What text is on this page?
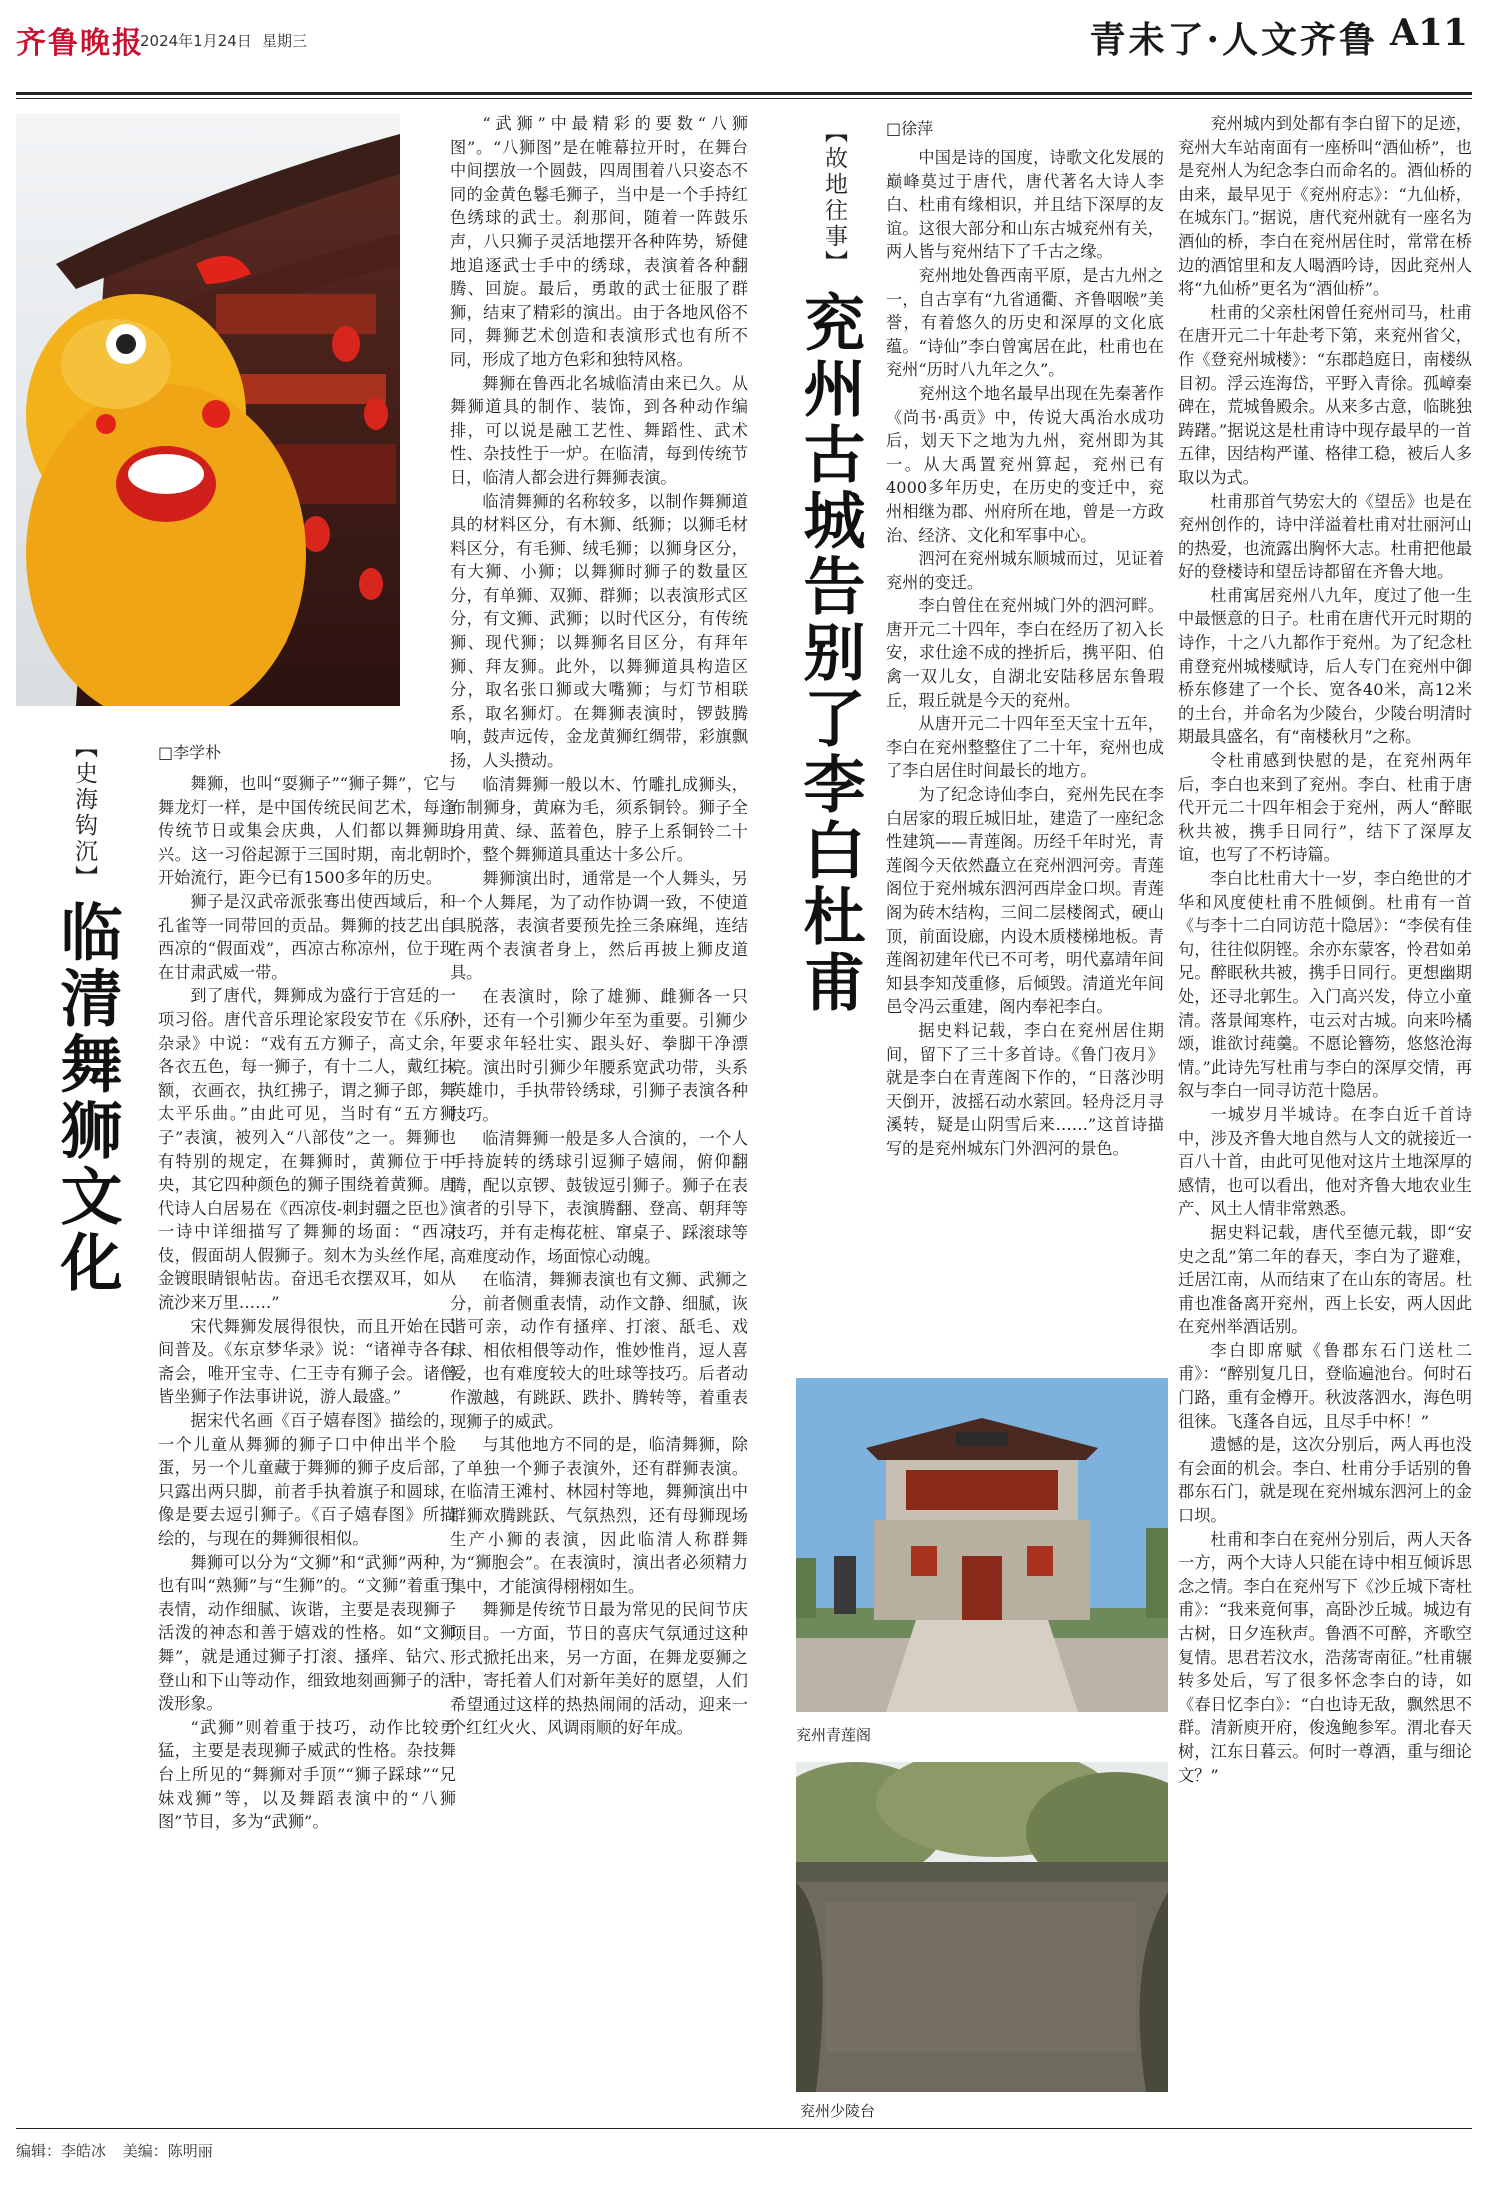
齐鲁晚报
2024年1月24日 星期三	青未了·人文齐鲁 A11
【史海钩沉】
临清舞狮文化
□李学朴

舞狮，也叫“耍狮子”“狮子舞”，它与舞龙灯一样，是中国传统民间艺术，每逢传统节日或集会庆典，人们都以舞狮助兴。这一习俗起源于三国时期，南北朝时开始流行，距今已有1500多年的历史。

狮子是汉武帝派张骞出使西域后，和孔雀等一同带回的贡品。舞狮的技艺出自西凉的“假面戏”，西凉古称凉州，位于现在甘肃武威一带。

到了唐代，舞狮成为盛行于宫廷的一项习俗。唐代音乐理论家段安节在《乐府杂录》中说：“戏有五方狮子，高丈余，各衣五色，每一狮子，有十二人，戴红抹额，衣画衣，执红拂子，谓之狮子郎，舞太平乐曲。”由此可见，当时有“五方狮子”表演，被列入“八部伎”之一。舞狮也有特别的规定，在舞狮时，黄狮位于中央，其它四种颜色的狮子围绕着黄狮。唐代诗人白居易在《西凉伎-刺封疆之臣也》一诗中详细描写了舞狮的场面：“西凉伎，假面胡人假狮子。刻木为头丝作尾，金镀眼睛银帖齿。奋迅毛衣摆双耳，如从流沙来万里……”

宋代舞狮发展得很快，而且开始在民间普及。《东京梦华录》说：“诸禅寺各有斋会，唯开宝寺、仁王寺有狮子会。诸僧皆坐狮子作法事讲说，游人最盛。”

据宋代名画《百子嬉春图》描绘的，一个儿童从舞狮的狮子口中伸出半个脸蛋，另一个儿童藏于舞狮的狮子皮后部，只露出两只脚，前者手执着旗子和圆球，像是要去逗引狮子。《百子嬉春图》所描绘的，与现在的舞狮很相似。

舞狮可以分为“文狮”和“武狮”两种，也有叫“熟狮”与“生狮”的。“文狮”着重于表情，动作细腻、诙谐，主要是表现狮子活泼的神态和善于嬉戏的性格。如“文狮舞”，就是通过狮子打滚、搔痒、钻穴、登山和下山等动作，细致地刻画狮子的活泼形象。

“武狮”则着重于技巧，动作比较勇猛，主要是表现狮子威武的性格。杂技舞台上所见的“舞狮对手顶”“狮子踩球”“兄妹戏狮”等，以及舞蹈表演中的“八狮图”节目，多为“武狮”。

“武狮”中最精彩的要数“八狮图”。“八狮图”是在帷幕拉开时，在舞台中间摆放一个圆鼓，四周围着八只姿态不同的金黄色鬈毛狮子，当中是一个手持红色绣球的武士。刹那间，随着一阵鼓乐声，八只狮子灵活地摆开各种阵势，矫健地追逐武士手中的绣球，表演着各种翻腾、回旋。最后，勇敢的武士征服了群狮，结束了精彩的演出。由于各地风俗不同，舞狮艺术创造和表演形式也有所不同，形成了地方色彩和独特风格。

舞狮在鲁西北名城临清由来已久。从舞狮道具的制作、装饰，到各种动作编排，可以说是融工艺性、舞蹈性、武术性、杂技性于一炉。在临清，每到传统节日，临清人都会进行舞狮表演。

临清舞狮的名称较多，以制作舞狮道具的材料区分，有木狮、纸狮；以狮毛材料区分，有毛狮、绒毛狮；以狮身区分，有大狮、小狮；以舞狮时狮子的数量区分，有单狮、双狮、群狮；以表演形式区分，有文狮、武狮；以时代区分，有传统狮、现代狮；以舞狮名目区分，有拜年狮、拜友狮。此外，以舞狮道具构造区分，取名张口狮或大嘴狮；与灯节相联系，取名狮灯。在舞狮表演时，锣鼓腾响，鼓声远传，金龙黄狮红绸带，彩旗飘扬，人头攒动。

临清舞狮一般以木、竹雕扎成狮头，布制狮身，黄麻为毛，须系铜铃。狮子全身用黄、绿、蓝着色，脖子上系铜铃二十个，整个舞狮道具重达十多公斤。

舞狮演出时，通常是一个人舞头，另一个人舞尾，为了动作协调一致，不使道具脱落，表演者要预先拴三条麻绳，连结在两个表演者身上，然后再披上狮皮道具。

在表演时，除了雄狮、雌狮各一只外，还有一个引狮少年至为重要。引狮少年要求年轻壮实、跟头好、拳脚干净漂亮。演出时引狮少年腰系宽武功带，头系英雄巾，手执带铃绣球，引狮子表演各种技巧。

临清舞狮一般是多人合演的，一个人手持旋转的绣球引逗狮子嬉闹，俯仰翻腾，配以京锣、鼓钹逗引狮子。狮子在表演者的引导下，表演腾翻、登高、朝拜等技巧，并有走梅花桩、窜桌子、踩滚球等高难度动作，场面惊心动魄。

在临清，舞狮表演也有文狮、武狮之分，前者侧重表情，动作文静、细腻，诙谐可亲，动作有搔痒、打滚、舐毛、戏球、相依相偎等动作，惟妙惟肖，逗人喜爱，也有难度较大的吐球等技巧。后者动作激越，有跳跃、跌扑、腾转等，着重表现狮子的威武。

与其他地方不同的是，临清舞狮，除了单独一个狮子表演外，还有群狮表演。在临清王滩村、林园村等地，舞狮演出中群狮欢腾跳跃、气氛热烈，还有母狮现场生产小狮的表演，因此临清人称群舞为“狮胞会”。在表演时，演出者必须精力集中，才能演得栩栩如生。

舞狮是传统节日最为常见的民间节庆项目。一方面，节日的喜庆气氛通过这种形式掀托出来，另一方面，在舞龙耍狮之中，寄托着人们对新年美好的愿望，人们希望通过这样的热热闹闹的活动，迎来一个红红火火、风调雨顺的好年成。

【故地往事】
兖州古城告别了李白杜甫
□徐萍

中国是诗的国度，诗歌文化发展的巅峰莫过于唐代，唐代著名大诗人李白、杜甫有缘相识，并且结下深厚的友谊。这很大部分和山东古城兖州有关，两人皆与兖州结下了千古之缘。

兖州地处鲁西南平原，是古九州之一，自古享有“九省通衢、齐鲁咽喉”美誉，有着悠久的历史和深厚的文化底蕴。“诗仙”李白曾寓居在此，杜甫也在兖州“历时八九年之久”。

兖州这个地名最早出现在先秦著作《尚书·禹贡》中，传说大禹治水成功后，划天下之地为九州，兖州即为其一。从大禹置兖州算起，兖州已有4000多年历史，在历史的变迁中，兖州相继为郡、州府所在地，曾是一方政治、经济、文化和军事中心。

泗河在兖州城东顺城而过，见证着兖州的变迁。

李白曾住在兖州城门外的泗河畔。唐开元二十四年，李白在经历了初入长安，求仕途不成的挫折后，携平阳、伯禽一双儿女，自湖北安陆移居东鲁瑕丘，瑕丘就是今天的兖州。

从唐开元二十四年至天宝十五年，李白在兖州整整住了二十年，兖州也成了李白居住时间最长的地方。

为了纪念诗仙李白，兖州先民在李白居家的瑕丘城旧址，建造了一座纪念性建筑——青莲阁。历经千年时光，青莲阁今天依然矗立在兖州泗河旁。青莲阁位于兖州城东泗河西岸金口坝。青莲阁为砖木结构，三间二层楼阁式，硬山顶，前面设廊，内设木质楼梯地板。青莲阁初建年代已不可考，明代嘉靖年间知县李知茂重修，后倾毁。清道光年间邑令冯云重建，阁内奉祀李白。

据史料记载，李白在兖州居住期间，留下了三十多首诗。《鲁门夜月》就是李白在青莲阁下作的，“日落沙明天倒开，波摇石动水萦回。轻舟泛月寻溪转，疑是山阴雪后来……”这首诗描写的是兖州城东门外泗河的景色。

兖州城内到处都有李白留下的足迹，兖州大车站南面有一座桥叫“酒仙桥”，也是兖州人为纪念李白而命名的。酒仙桥的由来，最早见于《兖州府志》：“九仙桥，在城东门。”据说，唐代兖州就有一座名为酒仙的桥，李白在兖州居住时，常常在桥边的酒馆里和友人喝酒吟诗，因此兖州人将“九仙桥”更名为“酒仙桥”。

杜甫的父亲杜闲曾任兖州司马，杜甫在唐开元二十年赴考下第，来兖州省父，作《登兖州城楼》：“东郡趋庭日，南楼纵目初。浮云连海岱，平野入青徐。孤嶂秦碑在，荒城鲁殿余。从来多古意，临眺独踌躇。”据说这是杜甫诗中现存最早的一首五律，因结构严谨、格律工稳，被后人多取以为式。

杜甫那首气势宏大的《望岳》也是在兖州创作的，诗中洋溢着杜甫对壮丽河山的热爱，也流露出胸怀大志。杜甫把他最好的登楼诗和望岳诗都留在齐鲁大地。

杜甫寓居兖州八九年，度过了他一生中最惬意的日子。杜甫在唐代开元时期的诗作，十之八九都作于兖州。为了纪念杜甫登兖州城楼赋诗，后人专门在兖州中御桥东修建了一个长、宽各40米，高12米的土台，并命名为少陵台，少陵台明清时期最具盛名，有“南楼秋月”之称。

令杜甫感到快慰的是，在兖州两年后，李白也来到了兖州。李白、杜甫于唐代开元二十四年相会于兖州，两人“醉眠秋共被，携手日同行”，结下了深厚友谊，也写了不朽诗篇。

李白比杜甫大十一岁，李白绝世的才华和风度使杜甫不胜倾倒。杜甫有一首《与李十二白同访范十隐居》：“李侯有佳句，往往似阴铿。余亦东蒙客，怜君如弟兄。醉眠秋共被，携手日同行。更想幽期处，还寻北郭生。入门高兴发，侍立小童清。落景闻寒杵，屯云对古城。向来吟橘颂，谁欲讨莼羹。不愿论簪笏，悠悠沧海情。”此诗先写杜甫与李白的深厚交情，再叙与李白一同寻访范十隐居。

一城岁月半城诗。在李白近千首诗中，涉及齐鲁大地自然与人文的就接近一百八十首，由此可见他对这片土地深厚的感情，也可以看出，他对齐鲁大地农业生产、风土人情非常熟悉。

据史料记载，唐代至德元载，即“安史之乱”第二年的春天，李白为了避难，迁居江南，从而结束了在山东的寄居。杜甫也准备离开兖州，西上长安，两人因此在兖州举酒话别。

李白即席赋《鲁郡东石门送杜二甫》：“醉别复几日，登临遍池台。何时石门路，重有金樽开。秋波落泗水，海色明徂徕。飞蓬各自远，且尽手中杯！”

遗憾的是，这次分别后，两人再也没有会面的机会。李白、杜甫分手话别的鲁郡东石门，就是现在兖州城东泗河上的金口坝。

杜甫和李白在兖州分别后，两人天各一方，两个大诗人只能在诗中相互倾诉思念之情。李白在兖州写下《沙丘城下寄杜甫》：“我来竟何事，高卧沙丘城。城边有古树，日夕连秋声。鲁酒不可醉，齐歌空复情。思君若汶水，浩荡寄南征。”杜甫辗转多处后，写了很多怀念李白的诗，如《春日忆李白》：“白也诗无敌，飘然思不群。清新庾开府，俊逸鲍参军。渭北春天树，江东日暮云。何时一尊酒，重与细论文？”

兖州青莲阁
兖州少陵台
编辑：李皓冰 美编：陈明丽
